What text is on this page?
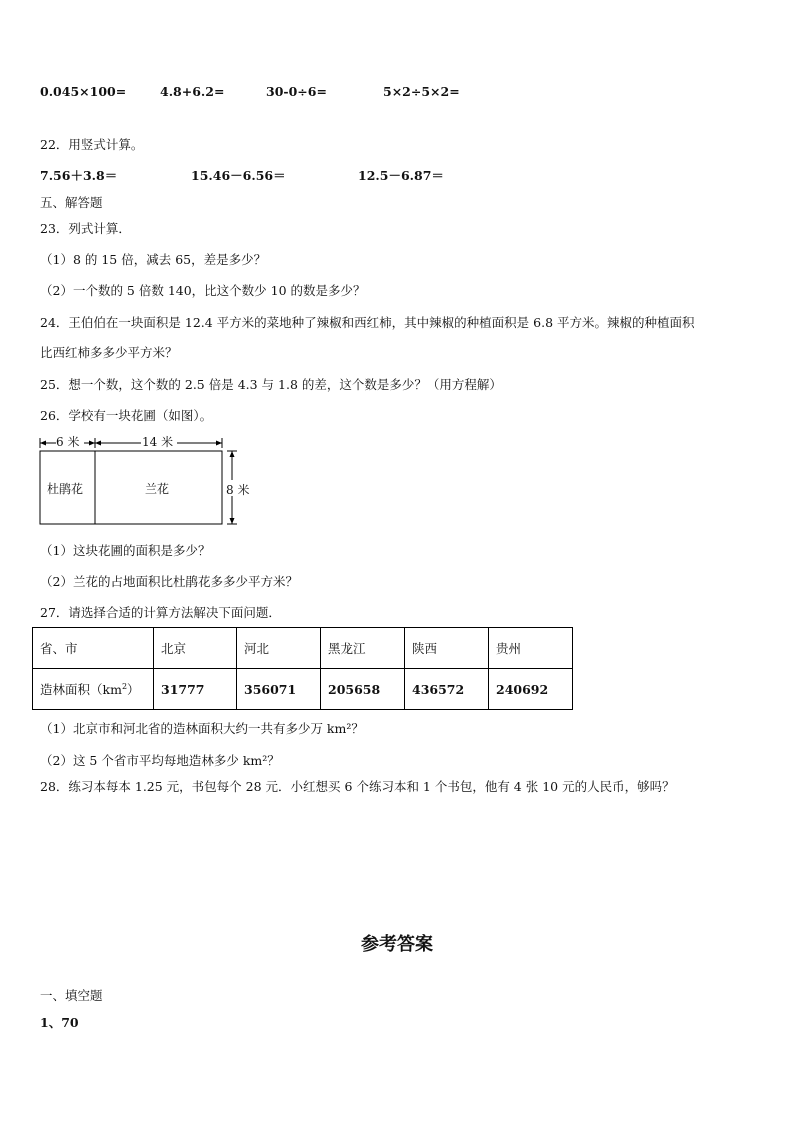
0.045×100=	4.8+6.2=	30-0÷6=	5×2÷5×2=
22．用竖式计算。
7.56＋3.8＝	15.46－6.56＝	12.5－6.87＝
五、解答题
23．列式计算．
（1）8 的 15 倍，减去 65，差是多少？
（2）一个数的 5 倍数 140，比这个数少 10 的数是多少？
24．王伯伯在一块面积是 12.4 平方米的菜地种了辣椒和西红柿，其中辣椒的种植面积是 6.8 平方米。辣椒的种植面积
比西红柿多多少平方米？
25．想一个数，这个数的 2.5 倍是 4.3 与 1.8 的差，这个数是多少？（用方程解）
26．学校有一块花圃（如图）。
6 米	14 米
8 米
杜鹃花	兰花
（1）这块花圃的面积是多少？
（2）兰花的占地面积比杜鹃花多多少平方米？
27．请选择合适的计算方法解决下面问题．
省、市	北京	河北	黑龙江	陕西	贵州
造林面积$(km^2)$	31777	356071	205658	436572	240692
（1）北京市和河北省的造林面积大约一共有多少万 km²？
（2）这 5 个省市平均每地造林多少 km²？
28．练习本每本 1.25 元，书包每个 28 元．小红想买 6 个练习本和 1 个书包，他有 4 张 10 元的人民币，够吗？
参考答案
一、填空题
1、70
